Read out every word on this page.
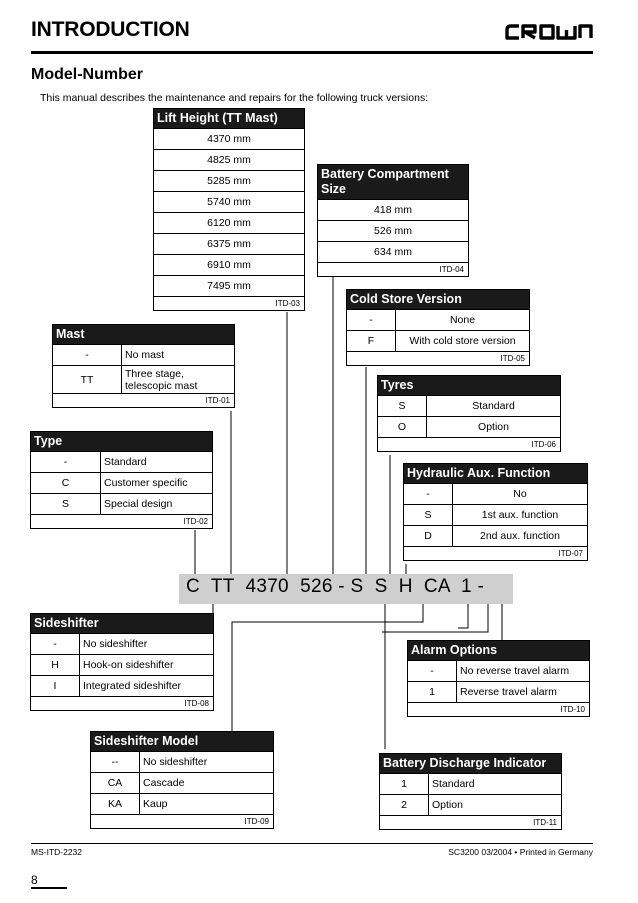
INTRODUCTION
Model-Number
This manual describes the maintenance and repairs for the following truck versions:
Lift Height (TT Mast)
4370 mm
4825 mm
5285 mm
5740 mm
6120 mm
6375 mm
6910 mm
7495 mm
ITD-03
Battery Compartment Size
418 mm
526 mm
634 mm
ITD-04
Cold Store Version
-	None
F	With cold store version
ITD-05
Mast
-	No mast
TT	Three stage, telescopic mast
ITD-01
Tyres
S	Standard
O	Option
ITD-06
Type
-	Standard
C	Customer specific
S	Special design
ITD-02
Hydraulic Aux. Function
-	No
S	1st aux. function
D	2nd aux. function
ITD-07
C  TT  4370  526 - S  S  H  CA  1 -
Sideshifter
-	No sideshifter
H	Hook-on sideshifter
I	Integrated sideshifter
ITD-08
Alarm Options
-	No reverse travel alarm
1	Reverse travel alarm
ITD-10
Sideshifter Model
--	No sideshifter
CA	Cascade
KA	Kaup
ITD-09
Battery Discharge Indicator
1	Standard
2	Option
ITD-11
MS-ITD-2232	SC3200 03/2004 • Printed in Germany
8
